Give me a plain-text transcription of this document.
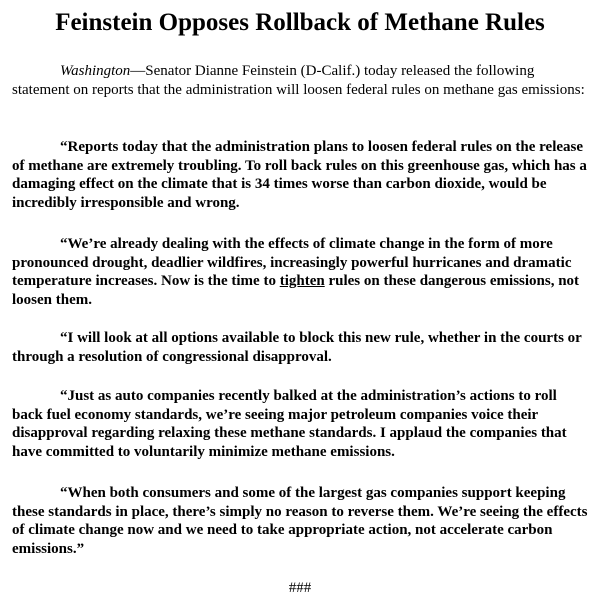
Feinstein Opposes Rollback of Methane Rules

Washington—Senator Dianne Feinstein (D-Calif.) today released the following statement on reports that the administration will loosen federal rules on methane gas emissions:

“Reports today that the administration plans to loosen federal rules on the release of methane are extremely troubling. To roll back rules on this greenhouse gas, which has a damaging effect on the climate that is 34 times worse than carbon dioxide, would be incredibly irresponsible and wrong.

“We’re already dealing with the effects of climate change in the form of more pronounced drought, deadlier wildfires, increasingly powerful hurricanes and dramatic temperature increases. Now is the time to tighten rules on these dangerous emissions, not loosen them.

“I will look at all options available to block this new rule, whether in the courts or through a resolution of congressional disapproval.

“Just as auto companies recently balked at the administration’s actions to roll back fuel economy standards, we’re seeing major petroleum companies voice their disapproval regarding relaxing these methane standards. I applaud the companies that have committed to voluntarily minimize methane emissions.

“When both consumers and some of the largest gas companies support keeping these standards in place, there’s simply no reason to reverse them. We’re seeing the effects of climate change now and we need to take appropriate action, not accelerate carbon emissions.”

###
